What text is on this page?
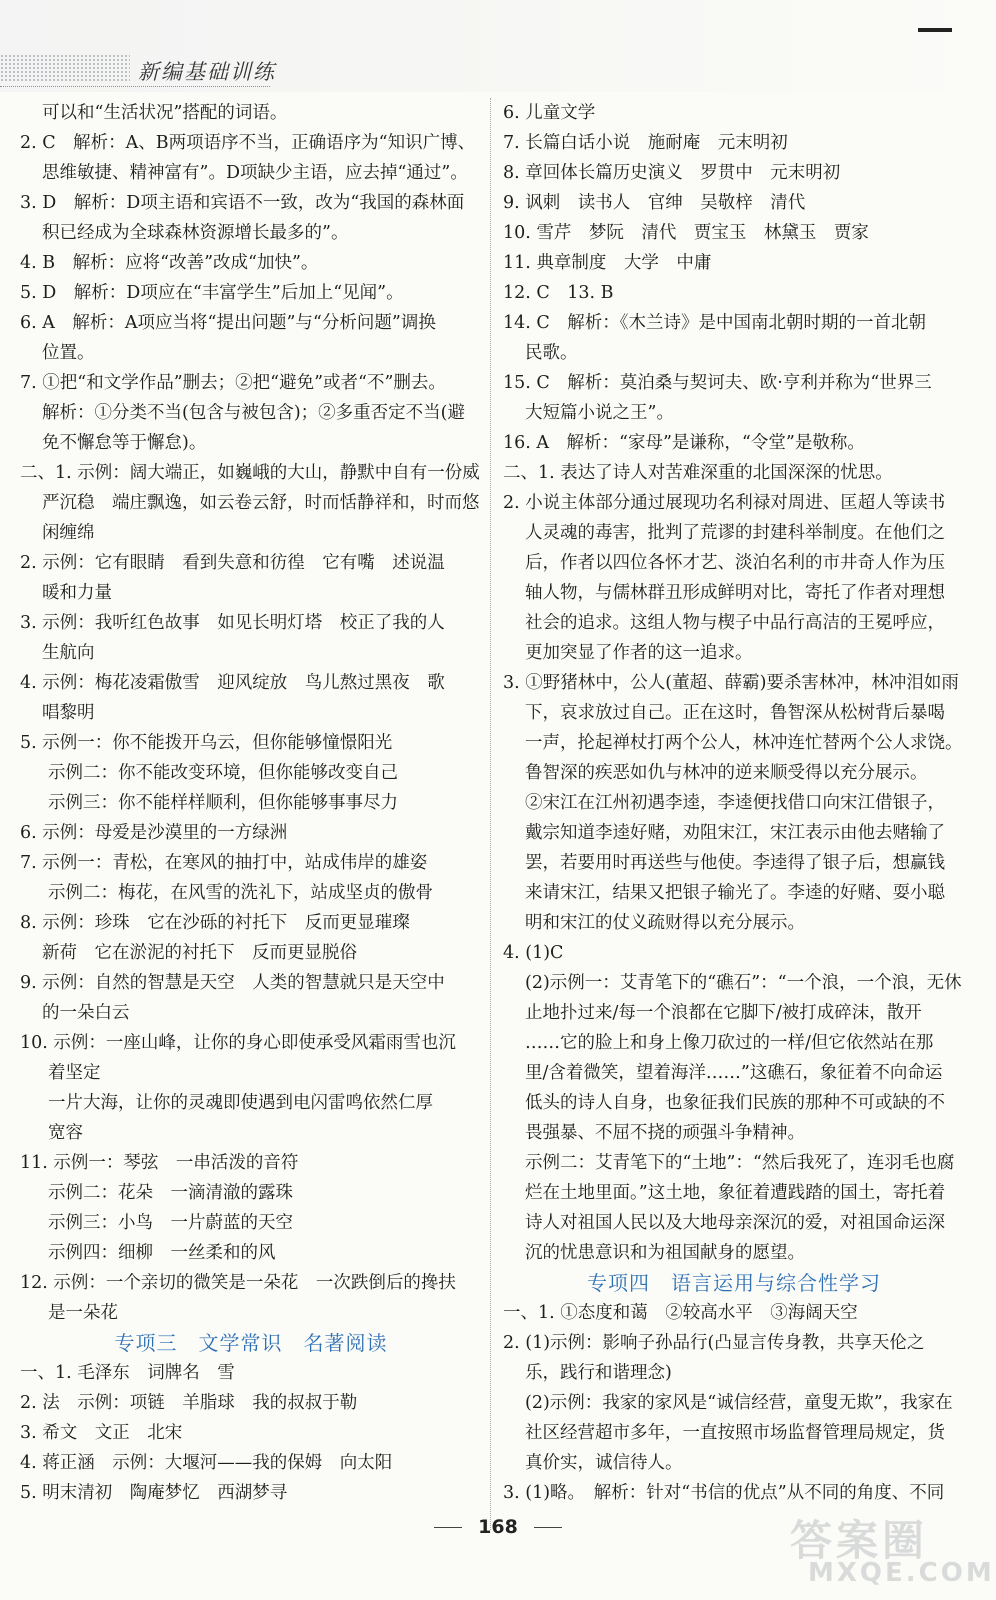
新编基础训练
可以和“生活状况”搭配的词语。
2. C　解析：A、B两项语序不当，正确语序为“知识广博、
思维敏捷、精神富有”。D项缺少主语，应去掉“通过”。
3. D　解析：D项主语和宾语不一致，改为“我国的森林面
积已经成为全球森林资源增长最多的”。
4. B　解析：应将“改善”改成“加快”。
5. D　解析：D项应在“丰富学生”后加上“见闻”。
6. A　解析：A项应当将“提出问题”与“分析问题”调换
位置。
7. ①把“和文学作品”删去；②把“避免”或者“不”删去。
解析：①分类不当(包含与被包含)；②多重否定不当(避
免不懈怠等于懈怠)。
二、1. 示例：阔大端正，如巍峨的大山，静默中自有一份威
严沉稳　端庄飘逸，如云卷云舒，时而恬静祥和，时而悠
闲缠绵
2. 示例：它有眼睛　看到失意和彷徨　它有嘴　述说温
暖和力量
3. 示例：我听红色故事　如见长明灯塔　校正了我的人
生航向
4. 示例：梅花凌霜傲雪　迎风绽放　鸟儿熬过黑夜　歌
唱黎明
5. 示例一：你不能拨开乌云，但你能够憧憬阳光
示例二：你不能改变环境，但你能够改变自己
示例三：你不能样样顺利，但你能够事事尽力
6. 示例：母爱是沙漠里的一方绿洲
7. 示例一：青松，在寒风的抽打中，站成伟岸的雄姿
示例二：梅花，在风雪的洗礼下，站成坚贞的傲骨
8. 示例：珍珠　它在沙砾的衬托下　反而更显璀璨
新荷　它在淤泥的衬托下　反而更显脱俗
9. 示例：自然的智慧是天空　人类的智慧就只是天空中
的一朵白云
10. 示例：一座山峰，让你的身心即使承受风霜雨雪也沉
着坚定
一片大海，让你的灵魂即使遇到电闪雷鸣依然仁厚
宽容
11. 示例一：琴弦　一串活泼的音符
示例二：花朵　一滴清澈的露珠
示例三：小鸟　一片蔚蓝的天空
示例四：细柳　一丝柔和的风
12. 示例：一个亲切的微笑是一朵花　一次跌倒后的搀扶
是一朵花
专项三　文学常识　名著阅读
一、1. 毛泽东　词牌名　雪
2. 法　示例：项链　羊脂球　我的叔叔于勒
3. 希文　文正　北宋
4. 蒋正涵　示例：大堰河——我的保姆　向太阳
5. 明末清初　陶庵梦忆　西湖梦寻
6. 儿童文学
7. 长篇白话小说　施耐庵　元末明初
8. 章回体长篇历史演义　罗贯中　元末明初
9. 讽刺　读书人　官绅　吴敬梓　清代
10. 雪芹　梦阮　清代　贾宝玉　林黛玉　贾家
11. 典章制度　大学　中庸
12. C　13. B
14. C　解析：《木兰诗》是中国南北朝时期的一首北朝
民歌。
15. C　解析：莫泊桑与契诃夫、欧·亨利并称为“世界三
大短篇小说之王”。
16. A　解析：“家母”是谦称，“令堂”是敬称。
二、1. 表达了诗人对苦难深重的北国深深的忧思。
2. 小说主体部分通过展现功名利禄对周进、匡超人等读书
人灵魂的毒害，批判了荒谬的封建科举制度。在他们之
后，作者以四位各怀才艺、淡泊名利的市井奇人作为压
轴人物，与儒林群丑形成鲜明对比，寄托了作者对理想
社会的追求。这组人物与楔子中品行高洁的王冕呼应，
更加突显了作者的这一追求。
3. ①野猪林中，公人(董超、薛霸)要杀害林冲，林冲泪如雨
下，哀求放过自己。正在这时，鲁智深从松树背后暴喝
一声，抡起禅杖打两个公人，林冲连忙替两个公人求饶。
鲁智深的疾恶如仇与林冲的逆来顺受得以充分展示。
②宋江在江州初遇李逵，李逵便找借口向宋江借银子，
戴宗知道李逵好赌，劝阻宋江，宋江表示由他去赌输了
罢，若要用时再送些与他使。李逵得了银子后，想赢钱
来请宋江，结果又把银子输光了。李逵的好赌、耍小聪
明和宋江的仗义疏财得以充分展示。
4. (1)C
(2)示例一：艾青笔下的“礁石”：“一个浪，一个浪，无休
止地扑过来/每一个浪都在它脚下/被打成碎沫，散开
……它的脸上和身上像刀砍过的一样/但它依然站在那
里/含着微笑，望着海洋……”这礁石，象征着不向命运
低头的诗人自身，也象征我们民族的那种不可或缺的不
畏强暴、不屈不挠的顽强斗争精神。
示例二：艾青笔下的“土地”：“然后我死了，连羽毛也腐
烂在土地里面。”这土地，象征着遭践踏的国土，寄托着
诗人对祖国人民以及大地母亲深沉的爱，对祖国命运深
沉的忧患意识和为祖国献身的愿望。
专项四　语言运用与综合性学习
一、1. ①态度和蔼　②较高水平　③海阔天空
2. (1)示例：影响子孙品行(凸显言传身教，共享天伦之
乐，践行和谐理念)
(2)示例：我家的家风是“诚信经营，童叟无欺”，我家在
社区经营超市多年，一直按照市场监督管理局规定，货
真价实，诚信待人。
3. (1)略。　解析：针对“书信的优点”从不同的角度、不同
168	答案圈
MXQE.COM
